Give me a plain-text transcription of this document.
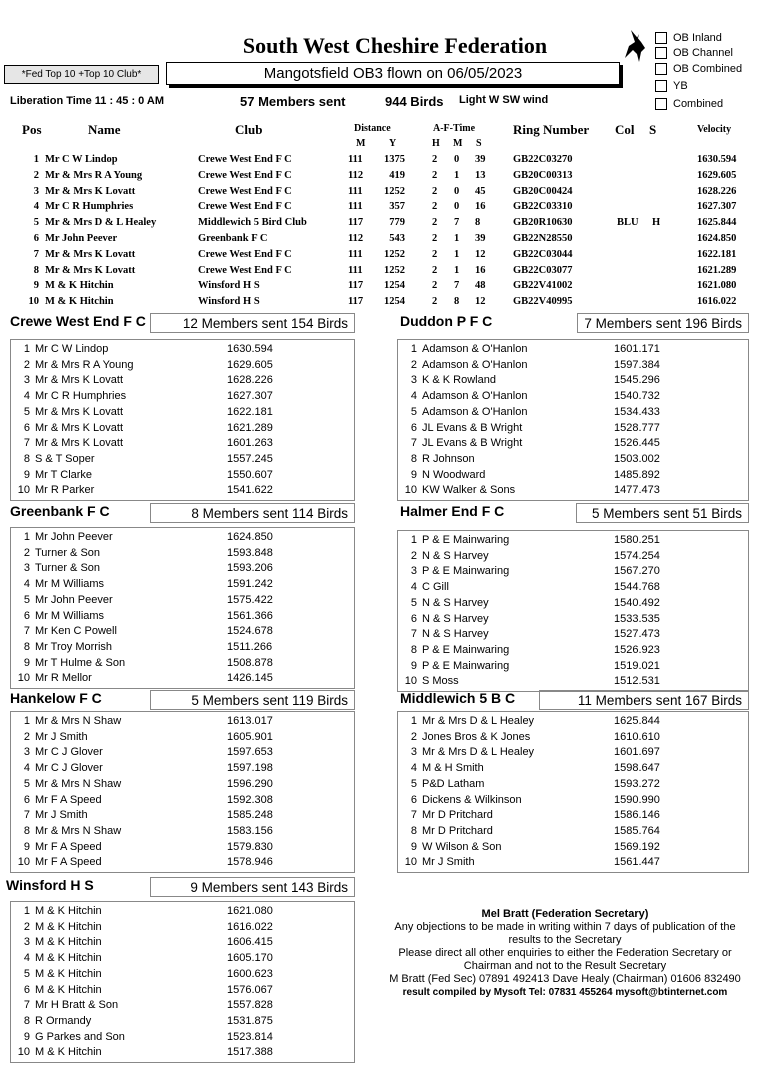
South West Cheshire Federation
*Fed Top 10 +Top 10 Club*	Mangotsfield OB3 flown on 06/05/2023
OB Inland
OB Channel
OB Combined
YB
Combined
Liberation Time 11 : 45 : 0 AM	57 Members sent	944 Birds Light W SW wind
Pos	Name	Club	Distance
M Y
A-F-Time
H M S
Ring Number Col S	Velocity
1 Mr C W Lindop	Crewe West End F C	111	1375	2 0 39	GB22C03270	1630.594
2 Mr & Mrs R A Young	Crewe West End F C	112	419	2 1 13	GB20C00313	1629.605
3 Mr & Mrs K Lovatt	Crewe West End F C	111	1252	2 0 45	GB20C00424	1628.226
4 Mr C R Humphries	Crewe West End F C	111	357	2 0 16	GB22C03310	1627.307
5 Mr & Mrs D & L Healey	Middlewich 5 Bird Club	117	779	2 7 8	GB20R10630	BLU H	1625.844
6 Mr John Peever	Greenbank F C	112	543	2 1 39	GB22N28550	1624.850
7 Mr & Mrs K Lovatt	Crewe West End F C	111	1252	2 1 12	GB22C03044	1622.181
8 Mr & Mrs K Lovatt	Crewe West End F C	111	1252	2 1 16	GB22C03077	1621.289
9 M & K Hitchin	Winsford H S	117	1254	2 7 48	GB22V41002	1621.080
10 M & K Hitchin	Winsford H S	117	1254	2 8 12	GB22V40995	1616.022
Crewe West End F C	12 Members sent 154 Birds
1 Mr C W Lindop	1630.594
2 Mr & Mrs R A Young	1629.605
3 Mr & Mrs K Lovatt	1628.226
4 Mr C R Humphries	1627.307
5 Mr & Mrs K Lovatt	1622.181
6 Mr & Mrs K Lovatt	1621.289
7 Mr & Mrs K Lovatt	1601.263
8 S & T Soper	1557.245
9 Mr T Clarke	1550.607
10 Mr R Parker	1541.622
Duddon P F C	7 Members sent 196 Birds
1 Adamson & O'Hanlon	1601.171
2 Adamson & O'Hanlon	1597.384
3 K & K Rowland	1545.296
4 Adamson & O'Hanlon	1540.732
5 Adamson & O'Hanlon	1534.433
6 JL Evans & B Wright	1528.777
7 JL Evans & B Wright	1526.445
8 R Johnson	1503.002
9 N Woodward	1485.892
10 KW Walker & Sons	1477.473
Greenbank F C	8 Members sent 114 Birds
1 Mr John Peever	1624.850
2 Turner & Son	1593.848
3 Turner & Son	1593.206
4 Mr M Williams	1591.242
5 Mr John Peever	1575.422
6 Mr M Williams	1561.366
7 Mr Ken C Powell	1524.678
8 Mr Troy Morrish	1511.266
9 Mr T Hulme & Son	1508.878
10 Mr R Mellor	1426.145
Halmer End F C	5 Members sent 51 Birds
1 P & E Mainwaring	1580.251
2 N & S Harvey	1574.254
3 P & E Mainwaring	1567.270
4 C Gill	1544.768
5 N & S Harvey	1540.492
6 N & S Harvey	1533.535
7 N & S Harvey	1527.473
8 P & E Mainwaring	1526.923
9 P & E Mainwaring	1519.021
10 S Moss	1512.531
Hankelow F C	5 Members sent 119 Birds
1 Mr & Mrs N Shaw	1613.017
2 Mr J Smith	1605.901
3 Mr C J Glover	1597.653
4 Mr C J Glover	1597.198
5 Mr & Mrs N Shaw	1596.290
6 Mr F A Speed	1592.308
7 Mr J Smith	1585.248
8 Mr & Mrs N Shaw	1583.156
9 Mr F A Speed	1579.830
10 Mr F A Speed	1578.946
Middlewich 5 B C	11 Members sent 167 Birds
1 Mr & Mrs D & L Healey	1625.844
2 Jones Bros & K Jones	1610.610
3 Mr & Mrs D & L Healey	1601.697
4 M & H Smith	1598.647
5 P&D Latham	1593.272
6 Dickens & Wilkinson	1590.990
7 Mr D Pritchard	1586.146
8 Mr D Pritchard	1585.764
9 W Wilson & Son	1569.192
10 Mr J Smith	1561.447
Winsford H S	9 Members sent 143 Birds
1 M & K Hitchin	1621.080
2 M & K Hitchin	1616.022
3 M & K Hitchin	1606.415
4 M & K Hitchin	1605.170
5 M & K Hitchin	1600.623
6 M & K Hitchin	1576.067
7 Mr H Bratt & Son	1557.828
8 R Ormandy	1531.875
9 G Parkes and Son	1523.814
10 M & K Hitchin	1517.388
Mel Bratt (Federation Secretary)
Any objections to be made in writing within 7 days of publication of the results to the Secretary
Please direct all other enquiries to either the Federation Secretary or Chairman and not to the Result Secretary
M Bratt (Fed Sec) 07891 492413 Dave Healy (Chairman) 01606 832490
result compiled by Mysoft Tel: 07831 455264 mysoft@btinternet.com
